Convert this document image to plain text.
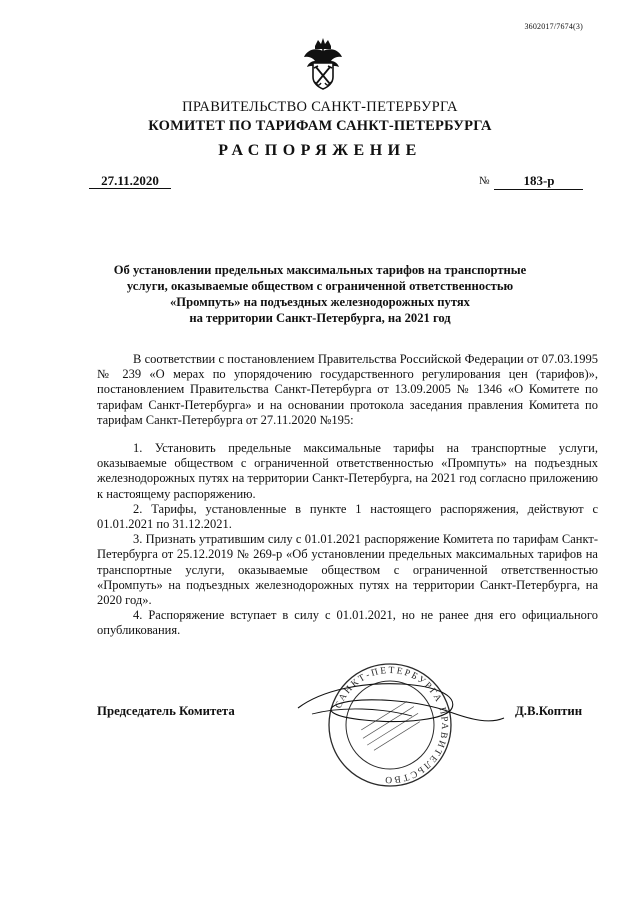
3602017/7674(3)
ПРАВИТЕЛЬСТВО САНКТ-ПЕТЕРБУРГА
КОМИТЕТ ПО ТАРИФАМ САНКТ-ПЕТЕРБУРГА
РАСПОРЯЖЕНИЕ
27.11.2020	№	183-р
Об установлении предельных максимальных тарифов на транспортные
услуги, оказываемые обществом с ограниченной ответственностью
«Промпуть» на подъездных железнодорожных путях
на территории Санкт-Петербурга, на 2021 год

В соответствии с постановлением Правительства Российской Федерации от 07.03.1995 № 239 «О мерах по упорядочению государственного регулирования цен (тарифов)», постановлением Правительства Санкт-Петербурга от 13.09.2005 № 1346 «О Комитете по тарифам Санкт-Петербурга» и на основании протокола заседания правления Комитета по тарифам Санкт-Петербурга от 27.11.2020 №195:

1. Установить предельные максимальные тарифы на транспортные услуги, оказываемые обществом с ограниченной ответственностью «Промпуть» на подъездных железнодорожных путях на территории Санкт-Петербурга, на 2021 год согласно приложению к настоящему распоряжению.

2. Тарифы, установленные в пункте 1 настоящего распоряжения, действуют с 01.01.2021 по 31.12.2021.

3. Признать утратившим силу с 01.01.2021 распоряжение Комитета по тарифам Санкт-Петербурга от 25.12.2019 № 269-р «Об установлении предельных максимальных тарифов на транспортные услуги, оказываемые обществом с ограниченной ответственностью «Промпуть» на подъездных железнодорожных путях на территории Санкт-Петербурга, на 2020 год».

4. Распоряжение вступает в силу с 01.01.2021, но не ранее дня его официального опубликования.

САНКТ-ПЕТЕРБУРГА ПРАВИТЕЛЬСТВО
Председатель Комитета	Д.В.Коптин
